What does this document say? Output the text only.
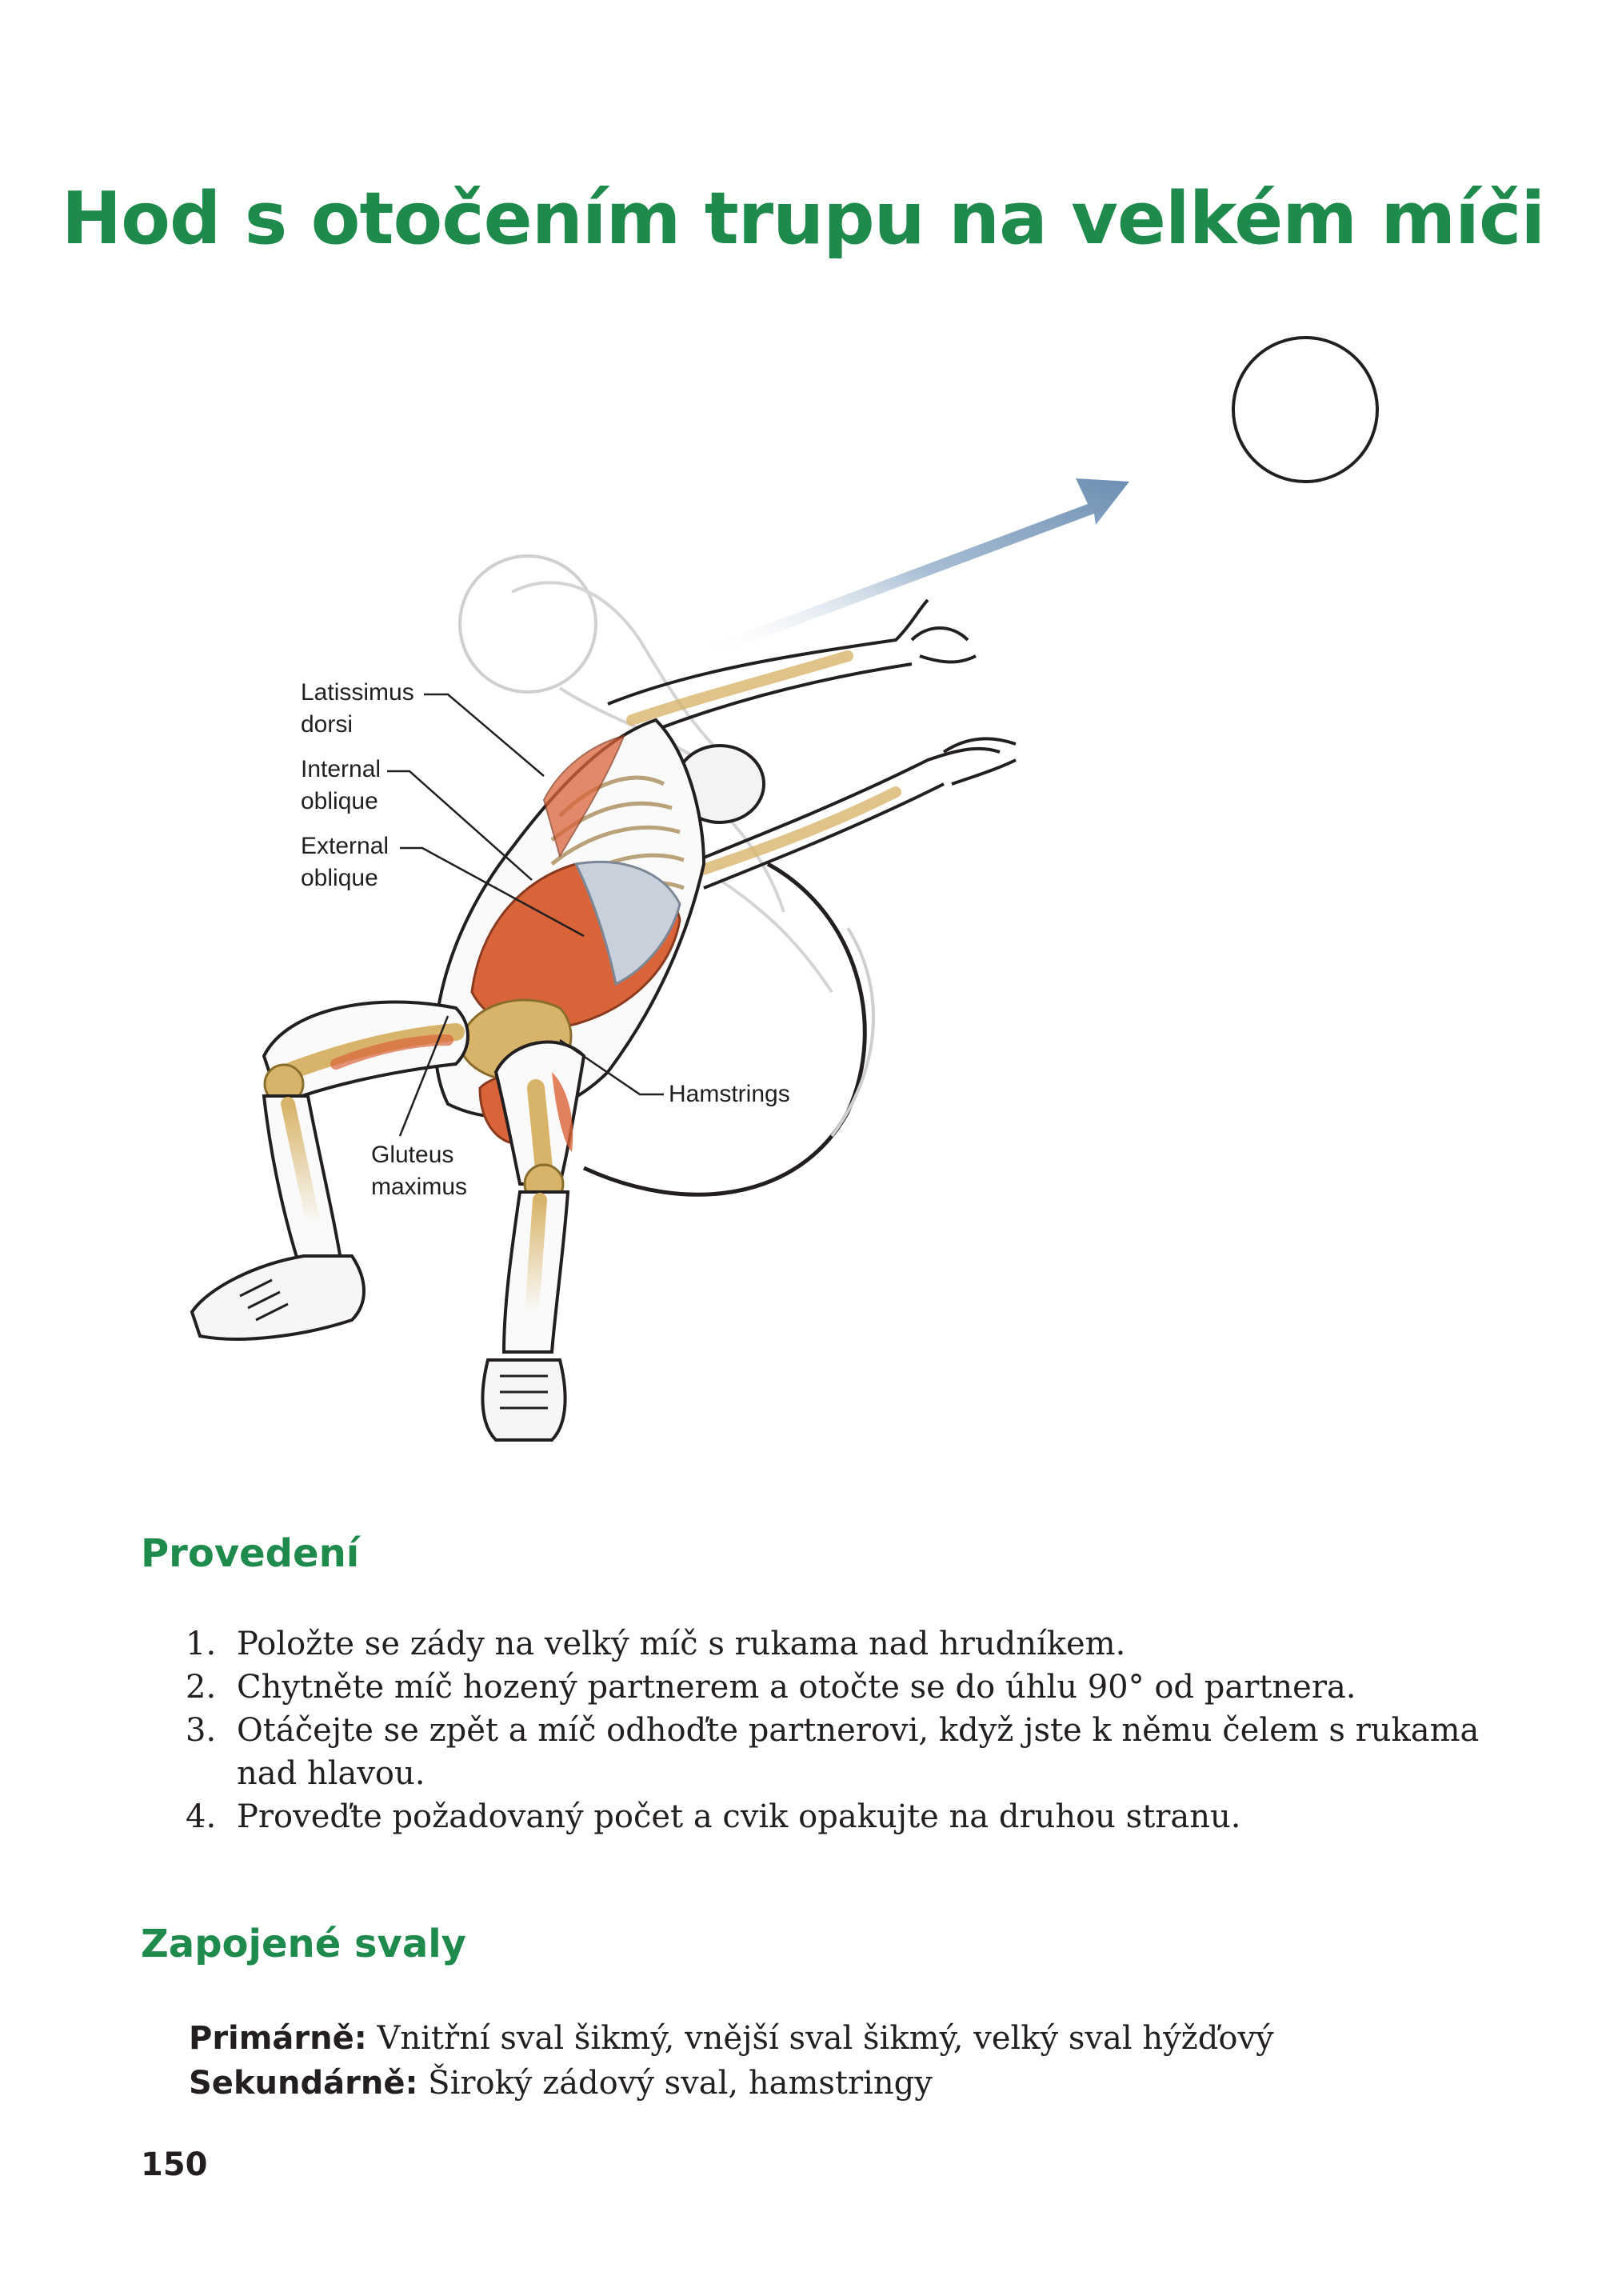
Hod s otočením trupu na velkém míči
Latissimus
dorsi
Internal
oblique
External
oblique
Hamstrings
Gluteus
maximus
Provedení
1. Položte se zády na velký míč s rukama nad hrudníkem.
2. Chytněte míč hozený partnerem a otočte se do úhlu 90° od partnera.
3. Otáčejte se zpět a míč odhoďte partnerovi, když jste k němu čelem s rukama nad hlavou.
4. Proveďte požadovaný počet a cvik opakujte na druhou stranu.
Zapojené svaly
Primárně: Vnitřní sval šikmý, vnější sval šikmý, velký sval hýžďový
Sekundárně: Široký zádový sval, hamstringy
150
